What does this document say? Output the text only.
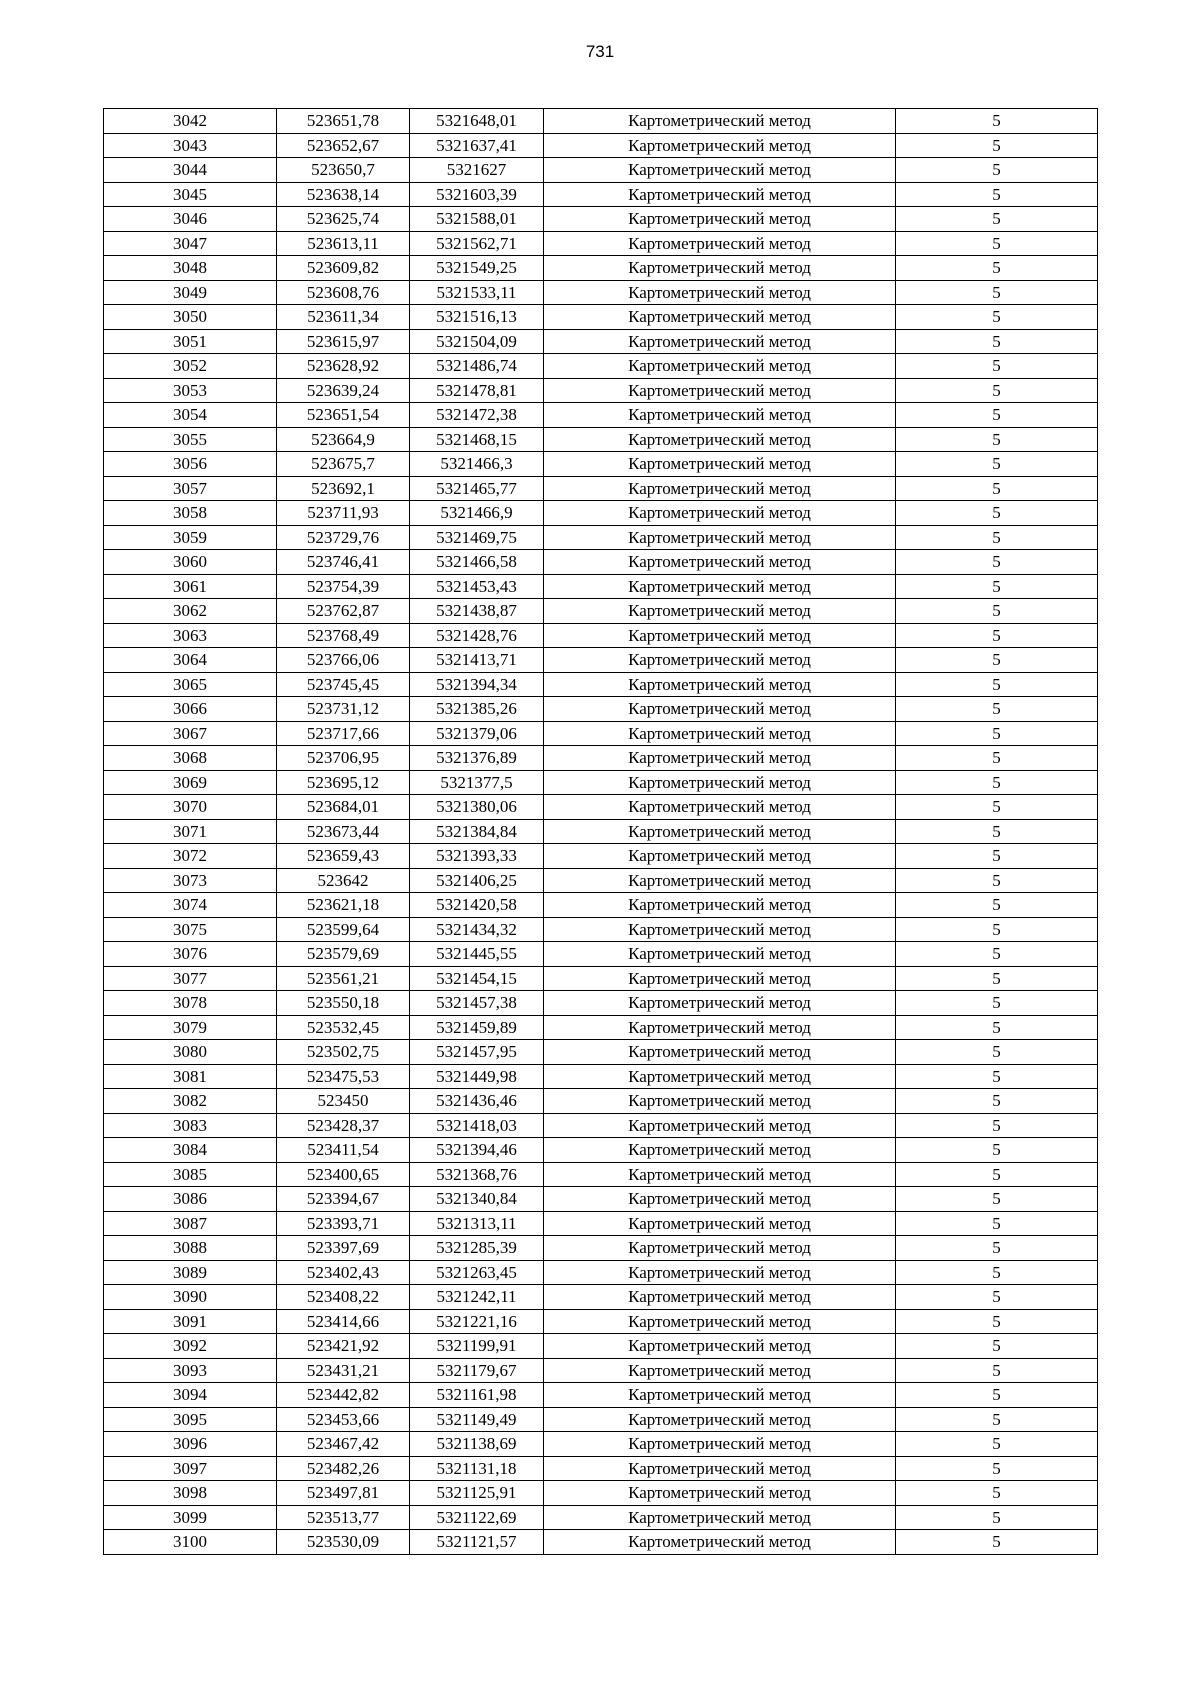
731
3042	523651,78	5321648,01	Картометрический метод	5
3043	523652,67	5321637,41	Картометрический метод	5
3044	523650,7	5321627	Картометрический метод	5
3045	523638,14	5321603,39	Картометрический метод	5
3046	523625,74	5321588,01	Картометрический метод	5
3047	523613,11	5321562,71	Картометрический метод	5
3048	523609,82	5321549,25	Картометрический метод	5
3049	523608,76	5321533,11	Картометрический метод	5
3050	523611,34	5321516,13	Картометрический метод	5
3051	523615,97	5321504,09	Картометрический метод	5
3052	523628,92	5321486,74	Картометрический метод	5
3053	523639,24	5321478,81	Картометрический метод	5
3054	523651,54	5321472,38	Картометрический метод	5
3055	523664,9	5321468,15	Картометрический метод	5
3056	523675,7	5321466,3	Картометрический метод	5
3057	523692,1	5321465,77	Картометрический метод	5
3058	523711,93	5321466,9	Картометрический метод	5
3059	523729,76	5321469,75	Картометрический метод	5
3060	523746,41	5321466,58	Картометрический метод	5
3061	523754,39	5321453,43	Картометрический метод	5
3062	523762,87	5321438,87	Картометрический метод	5
3063	523768,49	5321428,76	Картометрический метод	5
3064	523766,06	5321413,71	Картометрический метод	5
3065	523745,45	5321394,34	Картометрический метод	5
3066	523731,12	5321385,26	Картометрический метод	5
3067	523717,66	5321379,06	Картометрический метод	5
3068	523706,95	5321376,89	Картометрический метод	5
3069	523695,12	5321377,5	Картометрический метод	5
3070	523684,01	5321380,06	Картометрический метод	5
3071	523673,44	5321384,84	Картометрический метод	5
3072	523659,43	5321393,33	Картометрический метод	5
3073	523642	5321406,25	Картометрический метод	5
3074	523621,18	5321420,58	Картометрический метод	5
3075	523599,64	5321434,32	Картометрический метод	5
3076	523579,69	5321445,55	Картометрический метод	5
3077	523561,21	5321454,15	Картометрический метод	5
3078	523550,18	5321457,38	Картометрический метод	5
3079	523532,45	5321459,89	Картометрический метод	5
3080	523502,75	5321457,95	Картометрический метод	5
3081	523475,53	5321449,98	Картометрический метод	5
3082	523450	5321436,46	Картометрический метод	5
3083	523428,37	5321418,03	Картометрический метод	5
3084	523411,54	5321394,46	Картометрический метод	5
3085	523400,65	5321368,76	Картометрический метод	5
3086	523394,67	5321340,84	Картометрический метод	5
3087	523393,71	5321313,11	Картометрический метод	5
3088	523397,69	5321285,39	Картометрический метод	5
3089	523402,43	5321263,45	Картометрический метод	5
3090	523408,22	5321242,11	Картометрический метод	5
3091	523414,66	5321221,16	Картометрический метод	5
3092	523421,92	5321199,91	Картометрический метод	5
3093	523431,21	5321179,67	Картометрический метод	5
3094	523442,82	5321161,98	Картометрический метод	5
3095	523453,66	5321149,49	Картометрический метод	5
3096	523467,42	5321138,69	Картометрический метод	5
3097	523482,26	5321131,18	Картометрический метод	5
3098	523497,81	5321125,91	Картометрический метод	5
3099	523513,77	5321122,69	Картометрический метод	5
3100	523530,09	5321121,57	Картометрический метод	5
